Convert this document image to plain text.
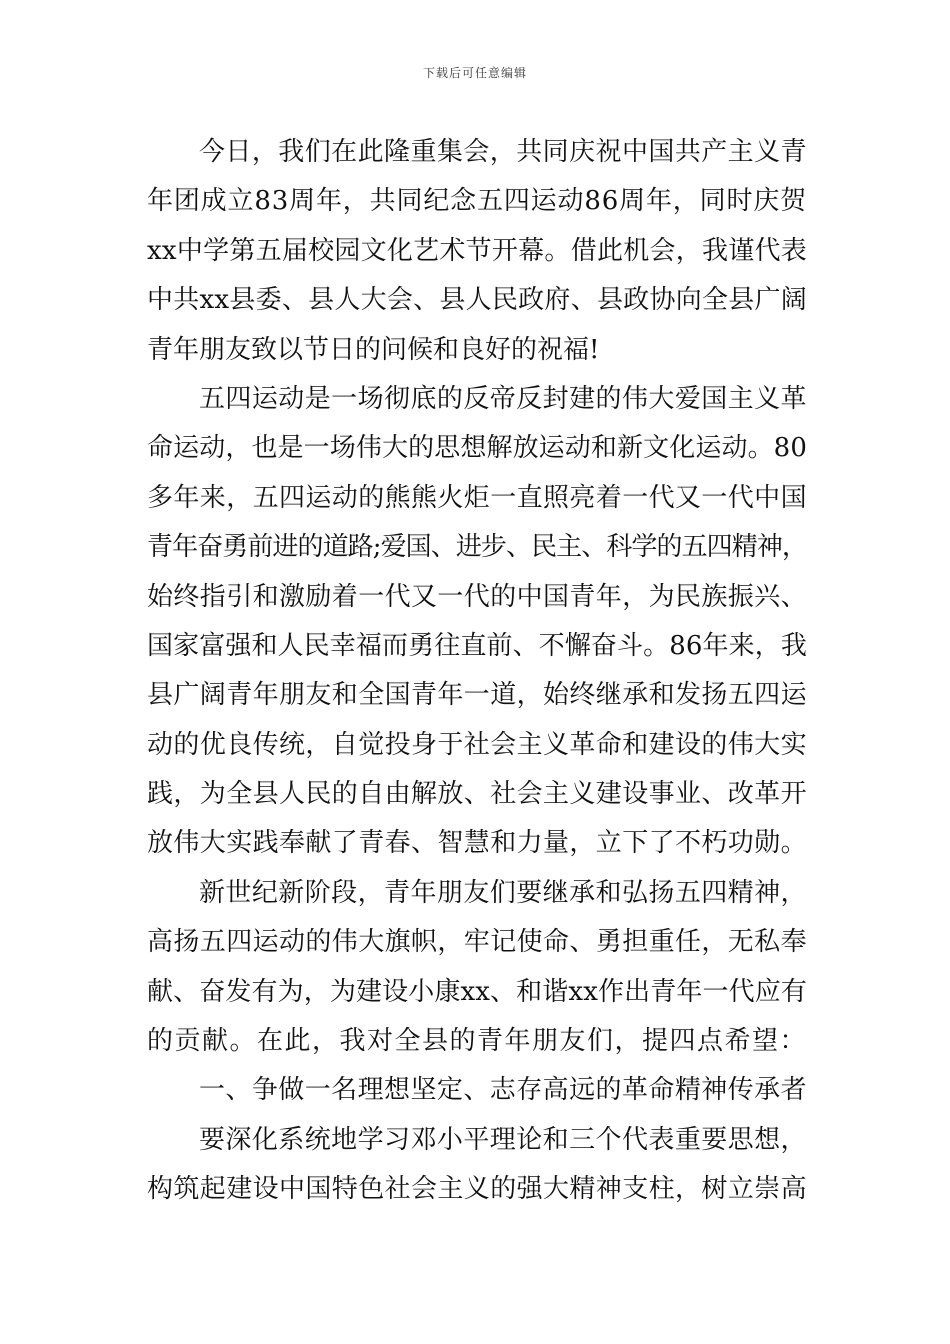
下载后可任意编辑
今日，我们在此隆重集会，共同庆祝中国共产主义青
年团成立83周年，共同纪念五四运动86周年，同时庆贺
xx中学第五届校园文化艺术节开幕。借此机会，我谨代表
中共xx县委、县人大会、县人民政府、县政协向全县广阔
青年朋友致以节日的问候和良好的祝福!
五四运动是一场彻底的反帝反封建的伟大爱国主义革
命运动，也是一场伟大的思想解放运动和新文化运动。80
多年来，五四运动的熊熊火炬一直照亮着一代又一代中国
青年奋勇前进的道路;爱国、进步、民主、科学的五四精神，
始终指引和激励着一代又一代的中国青年，为民族振兴、
国家富强和人民幸福而勇往直前、不懈奋斗。86年来，我
县广阔青年朋友和全国青年一道，始终继承和发扬五四运
动的优良传统，自觉投身于社会主义革命和建设的伟大实
践，为全县人民的自由解放、社会主义建设事业、改革开
放伟大实践奉献了青春、智慧和力量，立下了不朽功勋。
新世纪新阶段，青年朋友们要继承和弘扬五四精神，
高扬五四运动的伟大旗帜，牢记使命、勇担重任，无私奉
献、奋发有为，为建设小康xx、和谐xx作出青年一代应有
的贡献。在此，我对全县的青年朋友们，提四点希望：
一、争做一名理想坚定、志存高远的革命精神传承者
要深化系统地学习邓小平理论和三个代表重要思想，
构筑起建设中国特色社会主义的强大精神支柱，树立崇高
